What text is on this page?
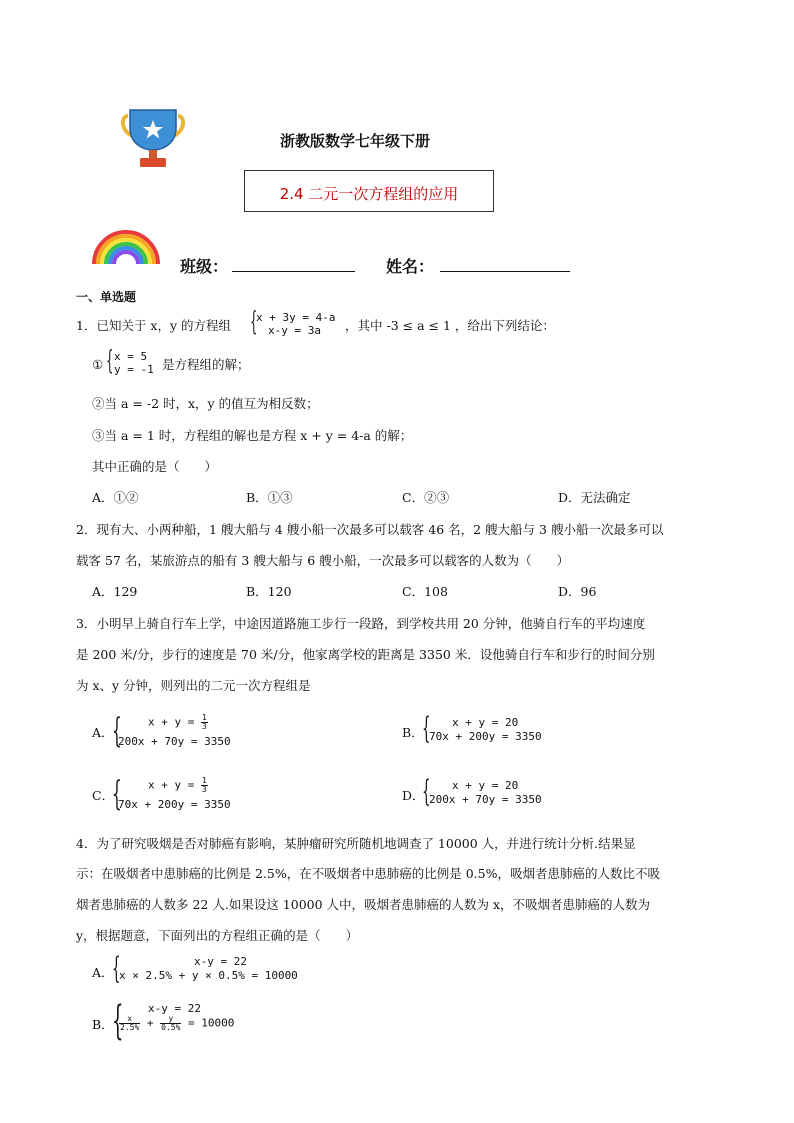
浙教版数学七年级下册
2.4 二元一次方程组的应用
班级：	姓名：
一、单选题
1．已知关于 x，y 的方程组 {
x + 3y = 4-a
x-y = 3a ，其中 -3 ≤ a ≤ 1 ，给出下列结论：
① { x = 5
y = -1 是方程组的解；
②当 a = -2 时，x，y 的值互为相反数；
③当 a = 1 时，方程组的解也是方程 x + y = 4-a 的解；
其中正确的是（　　）
A．①②	B．①③	C．②③	D．无法确定
2．现有大、小两种船，1 艘大船与 4 艘小船一次最多可以载客 46 名，2 艘大船与 3 艘小船一次最多可以
载客 57 名，某旅游点的船有 3 艘大船与 6 艘小船，一次最多可以载客的人数为（　　）
A．129	B．120	C．108	D．96
3．小明早上骑自行车上学，中途因道路施工步行一段路，到学校共用 20 分钟，他骑自行车的平均速度
是 200 米/分，步行的速度是 70 米/分，他家离学校的距离是 3350 米．设他骑自行车和步行的时间分别
为 x、y 分钟，则列出的二元一次方程组是
A．
{ $x + y = \frac{1}{3}$
200x + 70y = 3350
B．
{ x + y = 20
70x + 200y = 3350
C．
{ $x + y = \frac{1}{3}$
70x + 200y = 3350
D．
{ x + y = 20
200x + 70y = 3350
4．为了研究吸烟是否对肺癌有影响，某肿瘤研究所随机地调查了 10000 人，并进行统计分析.结果显
示：在吸烟者中患肺癌的比例是 2.5%，在不吸烟者中患肺癌的比例是 0.5%，吸烟者患肺癌的人数比不吸
烟者患肺癌的人数多 22 人.如果设这 10000 人中，吸烟者患肺癌的人数为 x，不吸烟者患肺癌的人数为
y，根据题意，下面列出的方程组正确的是（　　）
A．
{	x-y = 22
x × 2.5% + y × 0.5% = 10000
B．
{ x-y = 22
$\frac{x}{2.5\%} + \frac{y}{0.5\%} = 10000$
